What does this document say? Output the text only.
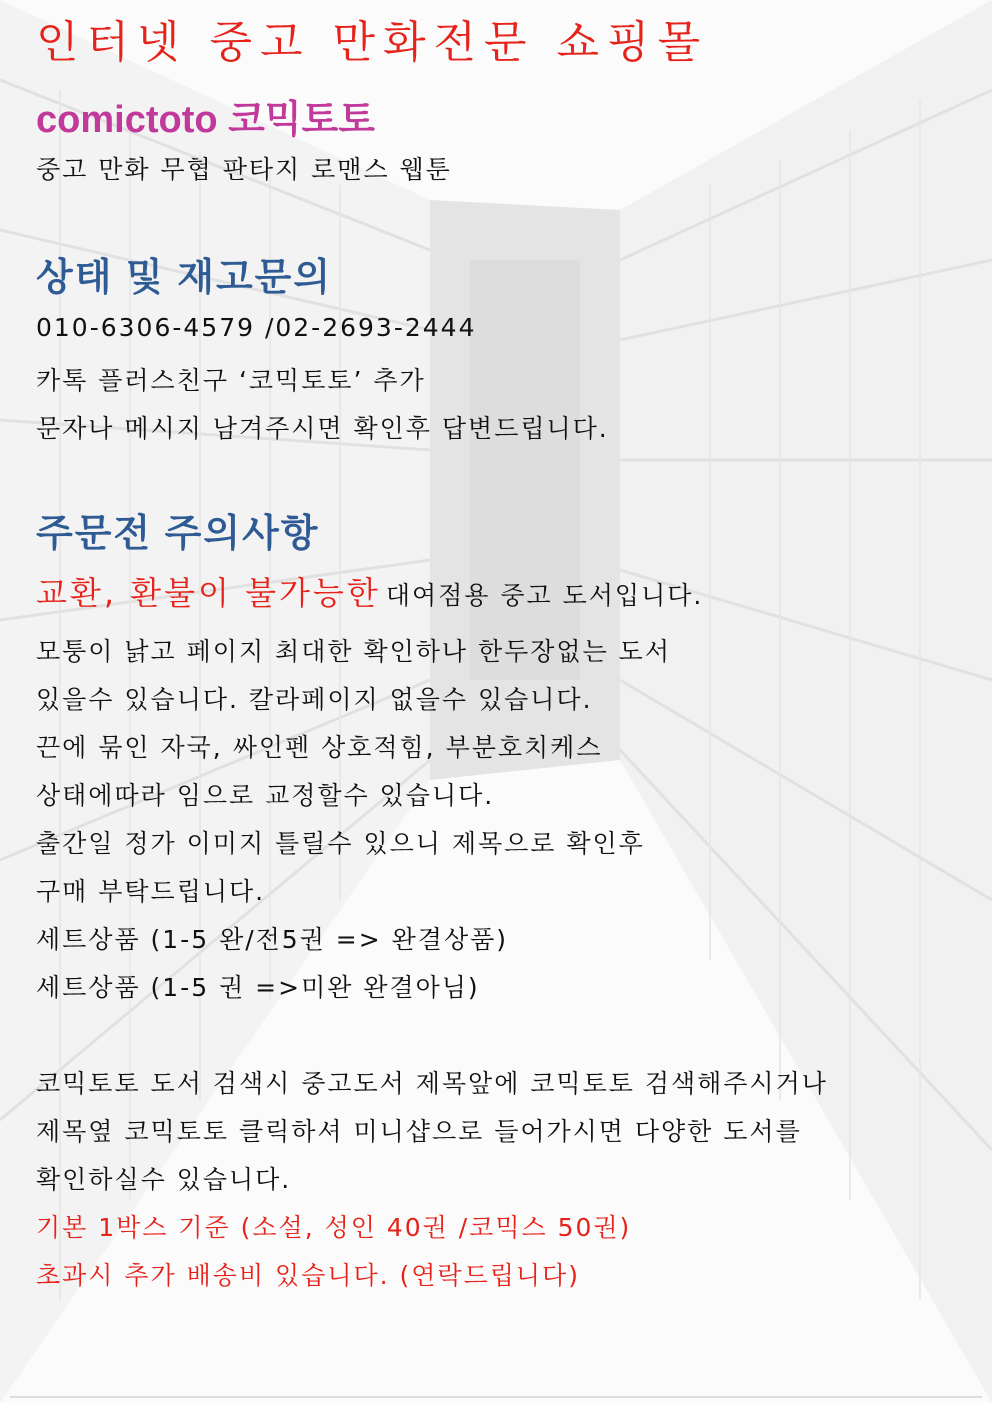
인터넷 중고 만화전문 쇼핑몰
comictoto 코믹토토
중고 만화 무협 판타지 로맨스 웹툰
상태 및 재고문의
010-6306-4579 /02-2693-2444
카톡 플러스친구 ‘코믹토토’ 추가
문자나 메시지 남겨주시면 확인후 답변드립니다.
주문전 주의사항
교환, 환불이 불가능한 대여점용 중고 도서입니다.
모퉁이 낡고 페이지 최대한 확인하나 한두장없는 도서
있을수 있습니다. 칼라페이지 없을수 있습니다.
끈에 묶인 자국, 싸인펜 상호적힘, 부분호치케스
상태에따라 임으로 교정할수 있습니다.
출간일 정가 이미지 틀릴수 있으니 제목으로 확인후
구매 부탁드립니다.
세트상품 (1-5 완/전5권 => 완결상품)
세트상품 (1-5 권 =>미완 완결아님)
코믹토토 도서 검색시 중고도서 제목앞에 코믹토토 검색해주시거나
제목옆 코믹토토 클릭하셔 미니샵으로 들어가시면 다양한 도서를
확인하실수 있습니다.
기본 1박스 기준 (소설, 성인 40권 /코믹스 50권)
초과시 추가 배송비 있습니다. (연락드립니다)
